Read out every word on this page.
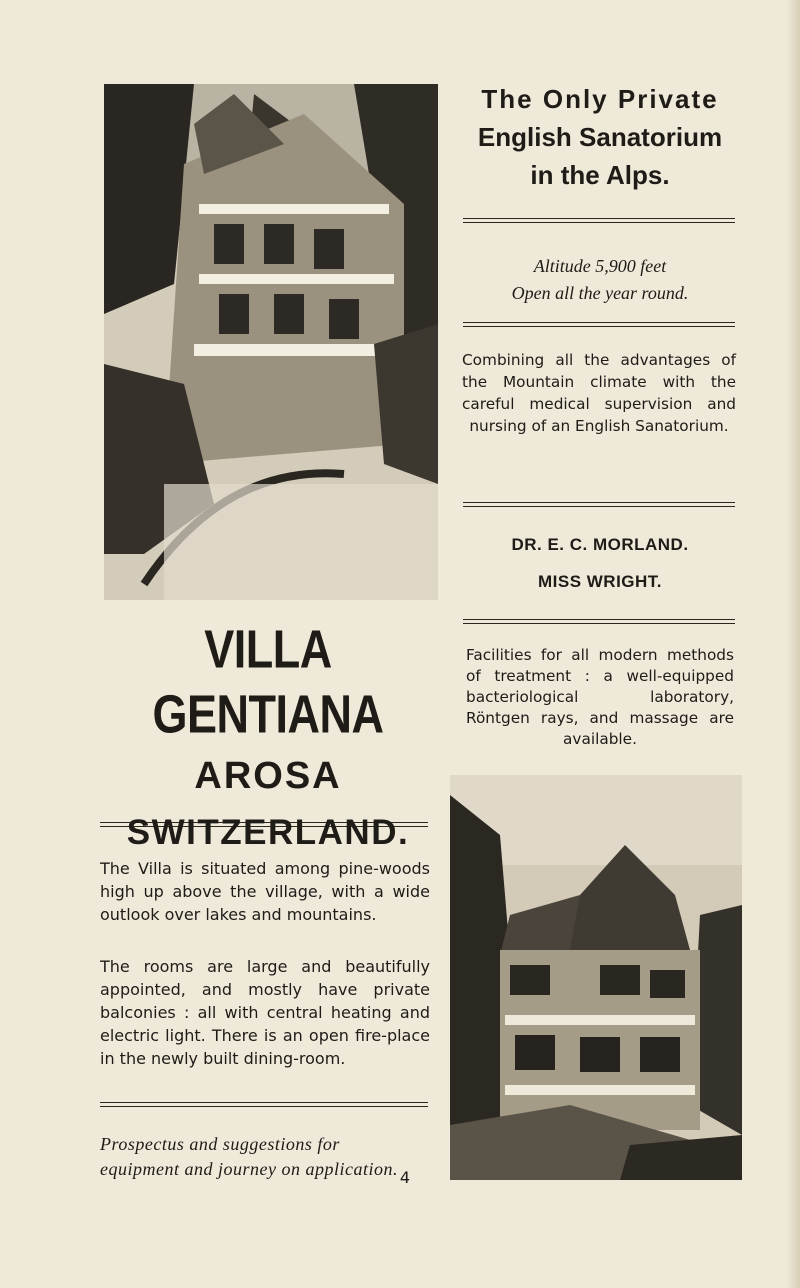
The Only Private
English Sanatorium
in the Alps.
Altitude 5,900 feet
Open all the year round.
Combining all the advantages of the Mountain climate with the careful medical supervision and nursing of an English Sanatorium.
DR. E. C. MORLAND.
MISS WRIGHT.
Facilities for all modern methods of treatment : a well-equipped bacteriological laboratory, Röntgen rays, and massage are available.
VILLA GENTIANA
AROSA
SWITZERLAND.
The Villa is situated among pine-woods high up above the village, with a wide outlook over lakes and mountains.
The rooms are large and beautifully appointed, and mostly have private balconies : all with central heating and electric light. There is an open fire-place in the newly built dining-room.
Prospectus and suggestions for
equipment and journey on application. 4
